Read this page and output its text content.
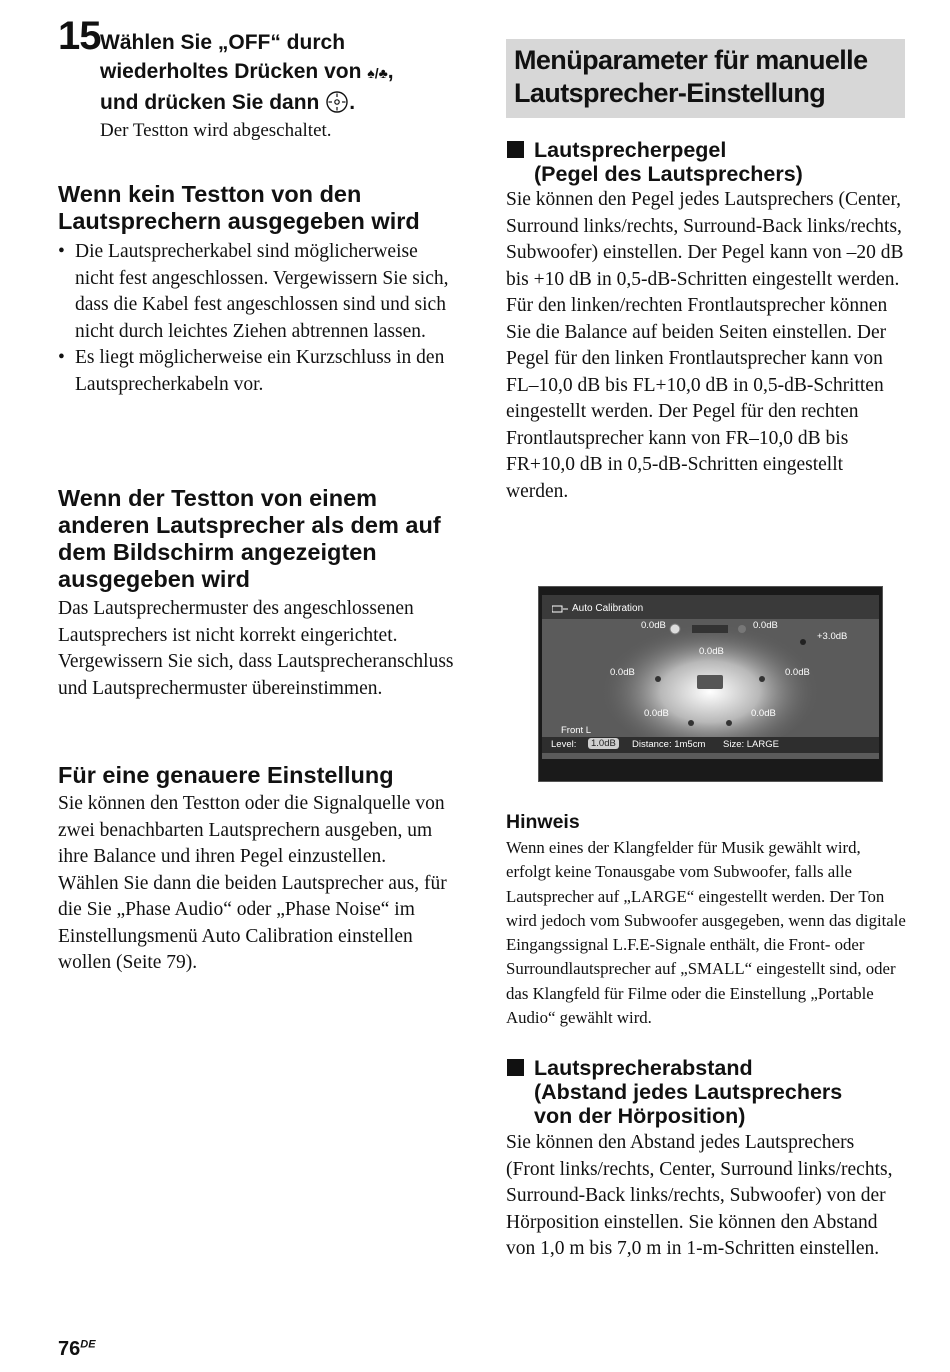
15 Wählen Sie „OFF“ durch
wiederholtes Drücken von ♠/♣,
und drücken Sie dann .
Der Testton wird abgeschaltet.
Wenn kein Testton von den Lautsprechern ausgegeben wird
• Die Lautsprecherkabel sind möglicherweise nicht fest angeschlossen. Vergewissern Sie sich, dass die Kabel fest angeschlossen sind und sich nicht durch leichtes Ziehen abtrennen lassen.
• Es liegt möglicherweise ein Kurzschluss in den Lautsprecherkabeln vor.
Wenn der Testton von einem anderen Lautsprecher als dem auf dem Bildschirm angezeigten ausgegeben wird

Das Lautsprechermuster des angeschlossenen Lautsprechers ist nicht korrekt eingerichtet. Vergewissern Sie sich, dass Lautsprecheranschluss und Lautsprechermuster übereinstimmen.

Für eine genauere Einstellung

Sie können den Testton oder die Signalquelle von zwei benachbarten Lautsprechern ausgeben, um ihre Balance und ihren Pegel einzustellen.

Wählen Sie dann die beiden Lautsprecher aus, für die Sie „Phase Audio“ oder „Phase Noise“ im Einstellungsmenü Auto Calibration einstellen wollen (Seite 79).

Menüparameter für manuelle
Lautsprecher-Einstellung
Lautsprecherpegel
(Pegel des Lautsprechers)

Sie können den Pegel jedes Lautsprechers (Center, Surround links/rechts, Surround-Back links/rechts, Subwoofer) einstellen. Der Pegel kann von –20 dB bis +10 dB in 0,5-dB-Schritten eingestellt werden.

Für den linken/rechten Frontlautsprecher können Sie die Balance auf beiden Seiten einstellen. Der Pegel für den linken Frontlautsprecher kann von FL–10,0 dB bis FL+10,0 dB in 0,5-dB-Schritten eingestellt werden. Der Pegel für den rechten Frontlautsprecher kann von FR–10,0 dB bis FR+10,0 dB in 0,5-dB-Schritten eingestellt werden.

Auto Calibration
0.0dB
0.0dB
0.0dB
+3.0dB
0.0dB	0.0dB
0.0dB	0.0dB
Front L
Level:	1.0dB	Distance: 1m5cm Size: LARGE
Hinweis

Wenn eines der Klangfelder für Musik gewählt wird, erfolgt keine Tonausgabe vom Subwoofer, falls alle Lautsprecher auf „LARGE“ eingestellt werden. Der Ton wird jedoch vom Subwoofer ausgegeben, wenn das digitale Eingangssignal L.F.E-Signale enthält, die Front- oder Surroundlautsprecher auf „SMALL“ eingestellt sind, oder das Klangfeld für Filme oder die Einstellung „Portable Audio“ gewählt wird.

Lautsprecherabstand
(Abstand jedes Lautsprechers
von der Hörposition)

Sie können den Abstand jedes Lautsprechers (Front links/rechts, Center, Surround links/rechts, Surround-Back links/rechts, Subwoofer) von der Hörposition einstellen. Sie können den Abstand von 1,0 m bis 7,0 m in 1-m-Schritten einstellen.

76DE
